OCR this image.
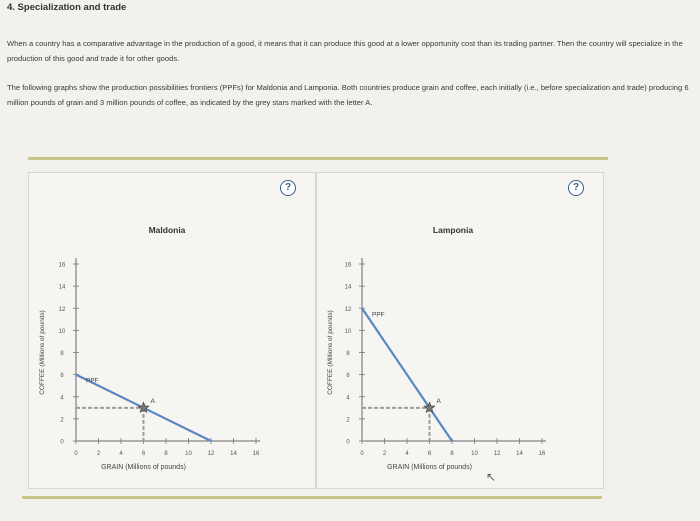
4. Specialization and trade
When a country has a comparative advantage in the production of a good, it means that it can produce this good at a lower opportunity cost than its trading partner. Then the country will specialize in the production of this good and trade it for other goods.
The following graphs show the production possibilities frontiers (PPFs) for Maldonia and Lamponia. Both countries produce grain and coffee, each initially (i.e., before specialization and trade) producing 6 million pounds of grain and 3 million pounds of coffee, as indicated by the grey stars marked with the letter A.
Maldonia
COFFEE (Millions of pounds)
GRAIN (Millions of pounds)
0
2
4
6
8
10
12
14
16
0	2	4	6	8	10	12	14	16
PPF
A
?
Lamponia
COFFEE (Millions of pounds)
GRAIN (Millions of pounds)
0
2
4
6
8
10
12
14
16
0	2	4	6	8	10	12	14	16
PPF
A
?
↖
